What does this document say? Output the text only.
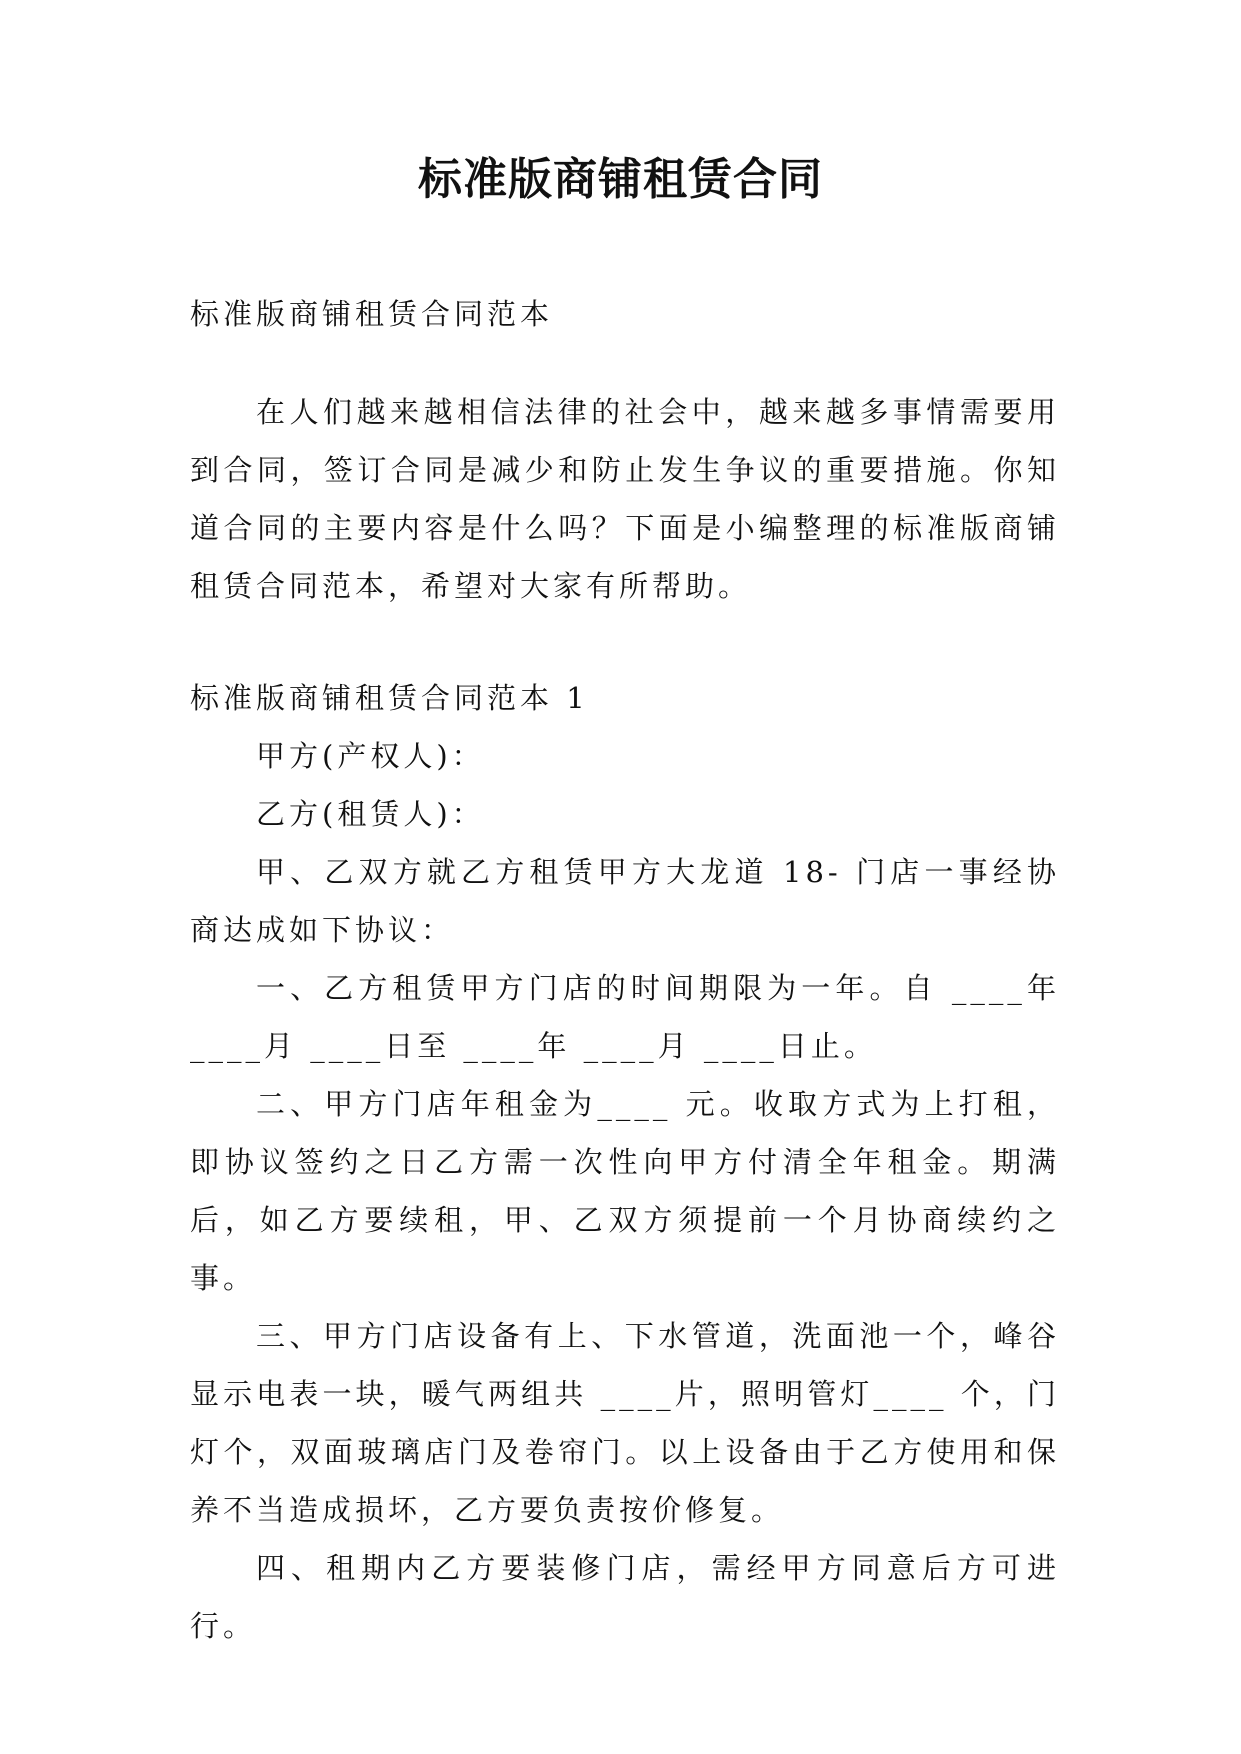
标准版商铺租赁合同

标准版商铺租赁合同范本

在人们越来越相信法律的社会中，越来越多事情需要用到合同，签订合同是减少和防止发生争议的重要措施。你知道合同的主要内容是什么吗？下面是小编整理的标准版商铺租赁合同范本，希望对大家有所帮助。

标准版商铺租赁合同范本 1

甲方(产权人)：

乙方(租赁人)：

甲、乙双方就乙方租赁甲方大龙道 18- 门店一事经协商达成如下协议：

一、乙方租赁甲方门店的时间期限为一年。自 ____年 ____月 ____日至 ____年 ____月 ____日止。

二、甲方门店年租金为____ 元。收取方式为上打租，即协议签约之日乙方需一次性向甲方付清全年租金。期满后，如乙方要续租，甲、乙双方须提前一个月协商续约之事。

三、甲方门店设备有上、下水管道，洗面池一个，峰谷显示电表一块，暖气两组共 ____片，照明管灯____ 个，门灯个，双面玻璃店门及卷帘门。以上设备由于乙方使用和保养不当造成损坏，乙方要负责按价修复。

四、租期内乙方要装修门店，需经甲方同意后方可进行。
